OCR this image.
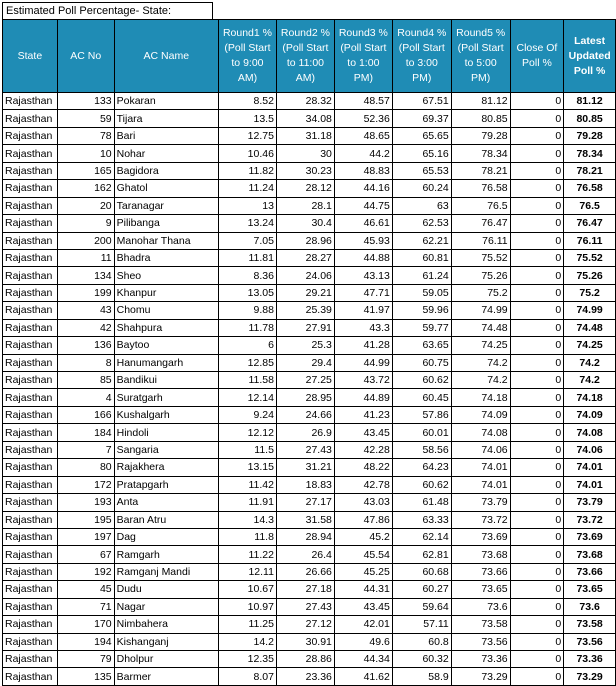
Estimated Poll Percentage- State:
State	AC No	AC Name	Round1 %(Poll Start to 9:00 AM)	Round2 %(Poll Start to 11:00 AM)	Round3 %(Poll Start to 1:00 PM)	Round4 %(Poll Start to 3:00 PM)	Round5 %(Poll Start to 5:00 PM)	Close Of Poll %	Latest Updated Poll %
Rajasthan	133	Pokaran	8.52	28.32	48.57	67.51	81.12	0	81.12
Rajasthan	59	Tijara	13.5	34.08	52.36	69.37	80.85	0	80.85
Rajasthan	78	Bari	12.75	31.18	48.65	65.65	79.28	0	79.28
Rajasthan	10	Nohar	10.46	30	44.2	65.16	78.34	0	78.34
Rajasthan	165	Bagidora	11.82	30.23	48.83	65.53	78.21	0	78.21
Rajasthan	162	Ghatol	11.24	28.12	44.16	60.24	76.58	0	76.58
Rajasthan	20	Taranagar	13	28.1	44.75	63	76.5	0	76.5
Rajasthan	9	Pilibanga	13.24	30.4	46.61	62.53	76.47	0	76.47
Rajasthan	200	Manohar Thana	7.05	28.96	45.93	62.21	76.11	0	76.11
Rajasthan	11	Bhadra	11.81	28.27	44.88	60.81	75.52	0	75.52
Rajasthan	134	Sheo	8.36	24.06	43.13	61.24	75.26	0	75.26
Rajasthan	199	Khanpur	13.05	29.21	47.71	59.05	75.2	0	75.2
Rajasthan	43	Chomu	9.88	25.39	41.97	59.96	74.99	0	74.99
Rajasthan	42	Shahpura	11.78	27.91	43.3	59.77	74.48	0	74.48
Rajasthan	136	Baytoo	6	25.3	41.28	63.65	74.25	0	74.25
Rajasthan	8	Hanumangarh	12.85	29.4	44.99	60.75	74.2	0	74.2
Rajasthan	85	Bandikui	11.58	27.25	43.72	60.62	74.2	0	74.2
Rajasthan	4	Suratgarh	12.14	28.95	44.89	60.45	74.18	0	74.18
Rajasthan	166	Kushalgarh	9.24	24.66	41.23	57.86	74.09	0	74.09
Rajasthan	184	Hindoli	12.12	26.9	43.45	60.01	74.08	0	74.08
Rajasthan	7	Sangaria	11.5	27.43	42.28	58.56	74.06	0	74.06
Rajasthan	80	Rajakhera	13.15	31.21	48.22	64.23	74.01	0	74.01
Rajasthan	172	Pratapgarh	11.42	18.83	42.78	60.62	74.01	0	74.01
Rajasthan	193	Anta	11.91	27.17	43.03	61.48	73.79	0	73.79
Rajasthan	195	Baran Atru	14.3	31.58	47.86	63.33	73.72	0	73.72
Rajasthan	197	Dag	11.8	28.94	45.2	62.14	73.69	0	73.69
Rajasthan	67	Ramgarh	11.22	26.4	45.54	62.81	73.68	0	73.68
Rajasthan	192	Ramganj Mandi	12.11	26.66	45.25	60.68	73.66	0	73.66
Rajasthan	45	Dudu	10.67	27.18	44.31	60.27	73.65	0	73.65
Rajasthan	71	Nagar	10.97	27.43	43.45	59.64	73.6	0	73.6
Rajasthan	170	Nimbahera	11.25	27.12	42.01	57.11	73.58	0	73.58
Rajasthan	194	Kishanganj	14.2	30.91	49.6	60.8	73.56	0	73.56
Rajasthan	79	Dholpur	12.35	28.86	44.34	60.32	73.36	0	73.36
Rajasthan	135	Barmer	8.07	23.36	41.62	58.9	73.29	0	73.29
